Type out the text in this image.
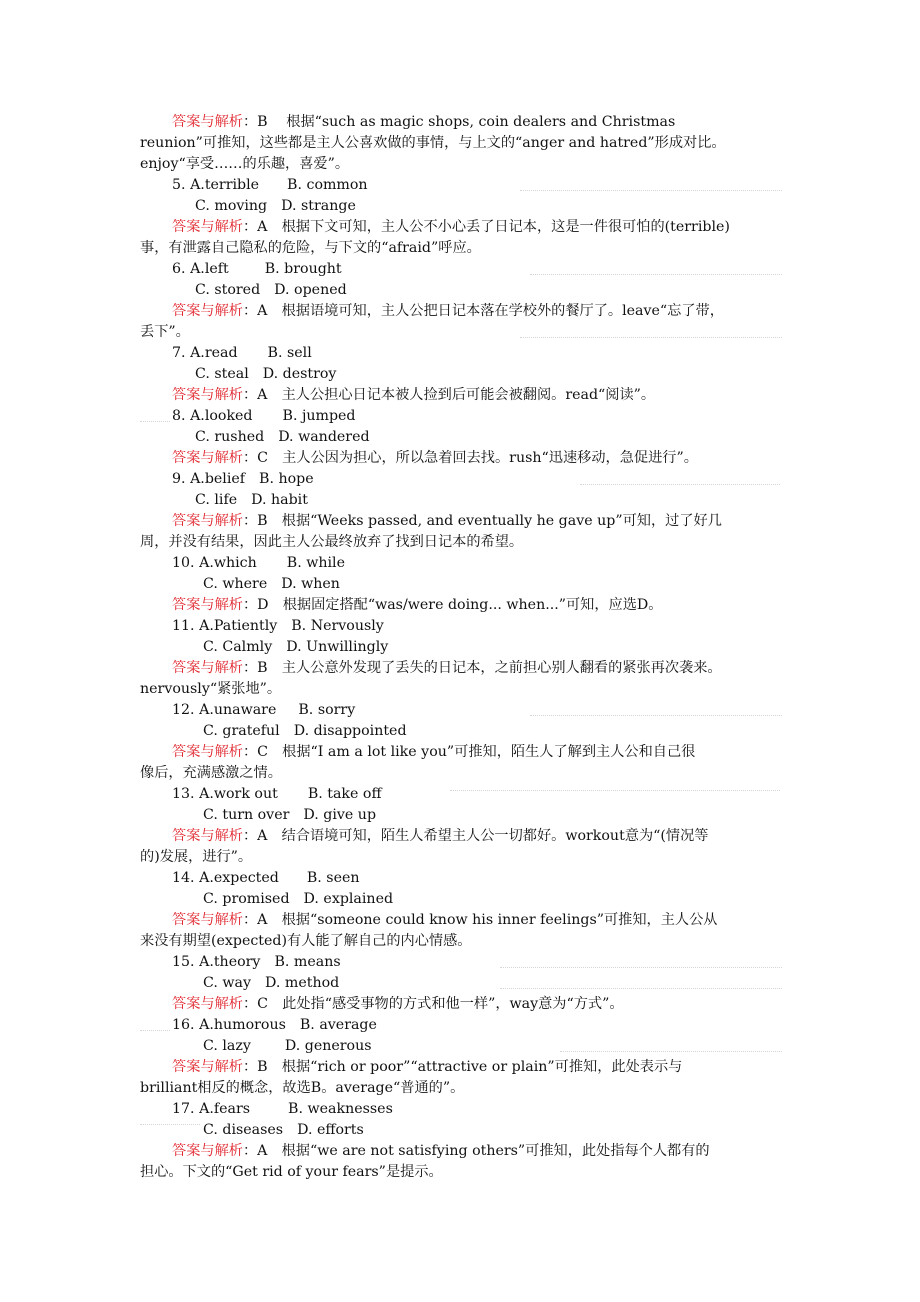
答案与解析：B　 根据“such as magic shops, coin dealers and Christmas
reunion”可推知，这些都是主人公喜欢做的事情，与上文的“anger and hatred”形成对比。
enjoy“享受……的乐趣，喜爱”。
5. A.terrible B. common
C. moving D. strange
答案与解析：A　根据下文可知，主人公不小心丢了日记本，这是一件很可怕的(terrible)
事，有泄露自己隐私的危险，与下文的“afraid”呼应。
6. A.left	B. brought
C. stored D. opened
答案与解析：A　根据语境可知，主人公把日记本落在学校外的餐厅了。leave“忘了带，
丢下”。
7. A.read B. sell
C. steal D. destroy
答案与解析：A　主人公担心日记本被人捡到后可能会被翻阅。read“阅读”。
8. A.looked B. jumped
C. rushed D. wandered
答案与解析：C　主人公因为担心，所以急着回去找。rush“迅速移动，急促进行”。
9. A.belief B. hope
C. life D. habit
答案与解析：B　根据“Weeks passed, and eventually he gave up”可知，过了好几
周，并没有结果，因此主人公最终放弃了找到日记本的希望。
10. A.which B. while
C. where D. when
答案与解析：D　根据固定搭配“was/were doing... when...”可知，应选D。
11. A.Patiently B. Nervously
C. Calmly D. Unwillingly
答案与解析：B　主人公意外发现了丢失的日记本，之前担心别人翻看的紧张再次袭来。
nervously“紧张地”。
12. A.unaware B. sorry
C. grateful D. disappointed
答案与解析：C　根据“I am a lot like you”可推知，陌生人了解到主人公和自己很
像后，充满感激之情。
13. A.work out B. take off
C. turn over D. give up
答案与解析：A　结合语境可知，陌生人希望主人公一切都好。workout意为“(情况等
的)发展，进行”。
14. A.expected B. seen
C. promised D. explained
答案与解析：A　根据“someone could know his inner feelings”可推知，主人公从
来没有期望(expected)有人能了解自己的内心情感。
15. A.theory B. means
C. way D. method
答案与解析：C　此处指“感受事物的方式和他一样”，way意为“方式”。
16. A.humorous B. average
C. lazy D. generous
答案与解析：B　根据“rich or poor”“attractive or plain”可推知，此处表示与
brilliant相反的概念，故选B。average“普通的”。
17. A.fears	B. weaknesses
C. diseases D. efforts
答案与解析：A　根据“we are not satisfying others”可推知，此处指每个人都有的
担心。下文的“Get rid of your fears”是提示。
